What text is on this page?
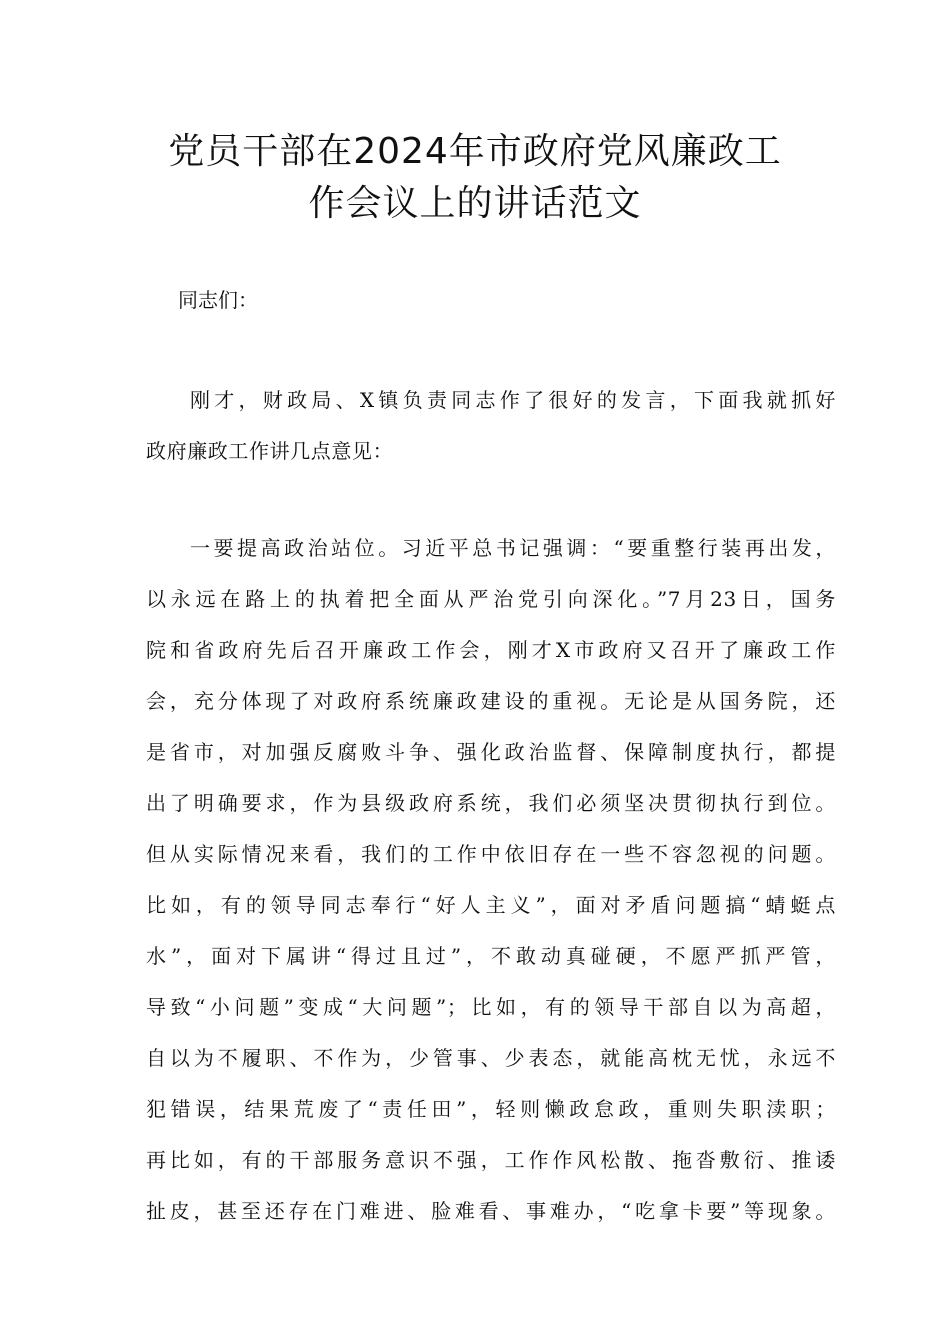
党员干部在2024年市政府党风廉政工
作会议上的讲话范文
同志们：
刚才，财政局、X镇负责同志作了很好的发言，下面我就抓好
政府廉政工作讲几点意见：
一要提高政治站位。习近平总书记强调：“要重整行装再出发，
以永远在路上的执着把全面从严治党引向深化。”7月23日，国务
院和省政府先后召开廉政工作会，刚才X市政府又召开了廉政工作
会，充分体现了对政府系统廉政建设的重视。无论是从国务院，还
是省市，对加强反腐败斗争、强化政治监督、保障制度执行，都提
出了明确要求，作为县级政府系统，我们必须坚决贯彻执行到位。
但从实际情况来看，我们的工作中依旧存在一些不容忽视的问题。
比如，有的领导同志奉行“好人主义”，面对矛盾问题搞“蜻蜓点
水”，面对下属讲“得过且过”，不敢动真碰硬，不愿严抓严管，
导致“小问题”变成“大问题”；比如，有的领导干部自以为高超，
自以为不履职、不作为，少管事、少表态，就能高枕无忧，永远不
犯错误，结果荒废了“责任田”，轻则懒政怠政，重则失职渎职；
再比如，有的干部服务意识不强，工作作风松散、拖沓敷衍、推诿
扯皮，甚至还存在门难进、脸难看、事难办，“吃拿卡要”等现象。
